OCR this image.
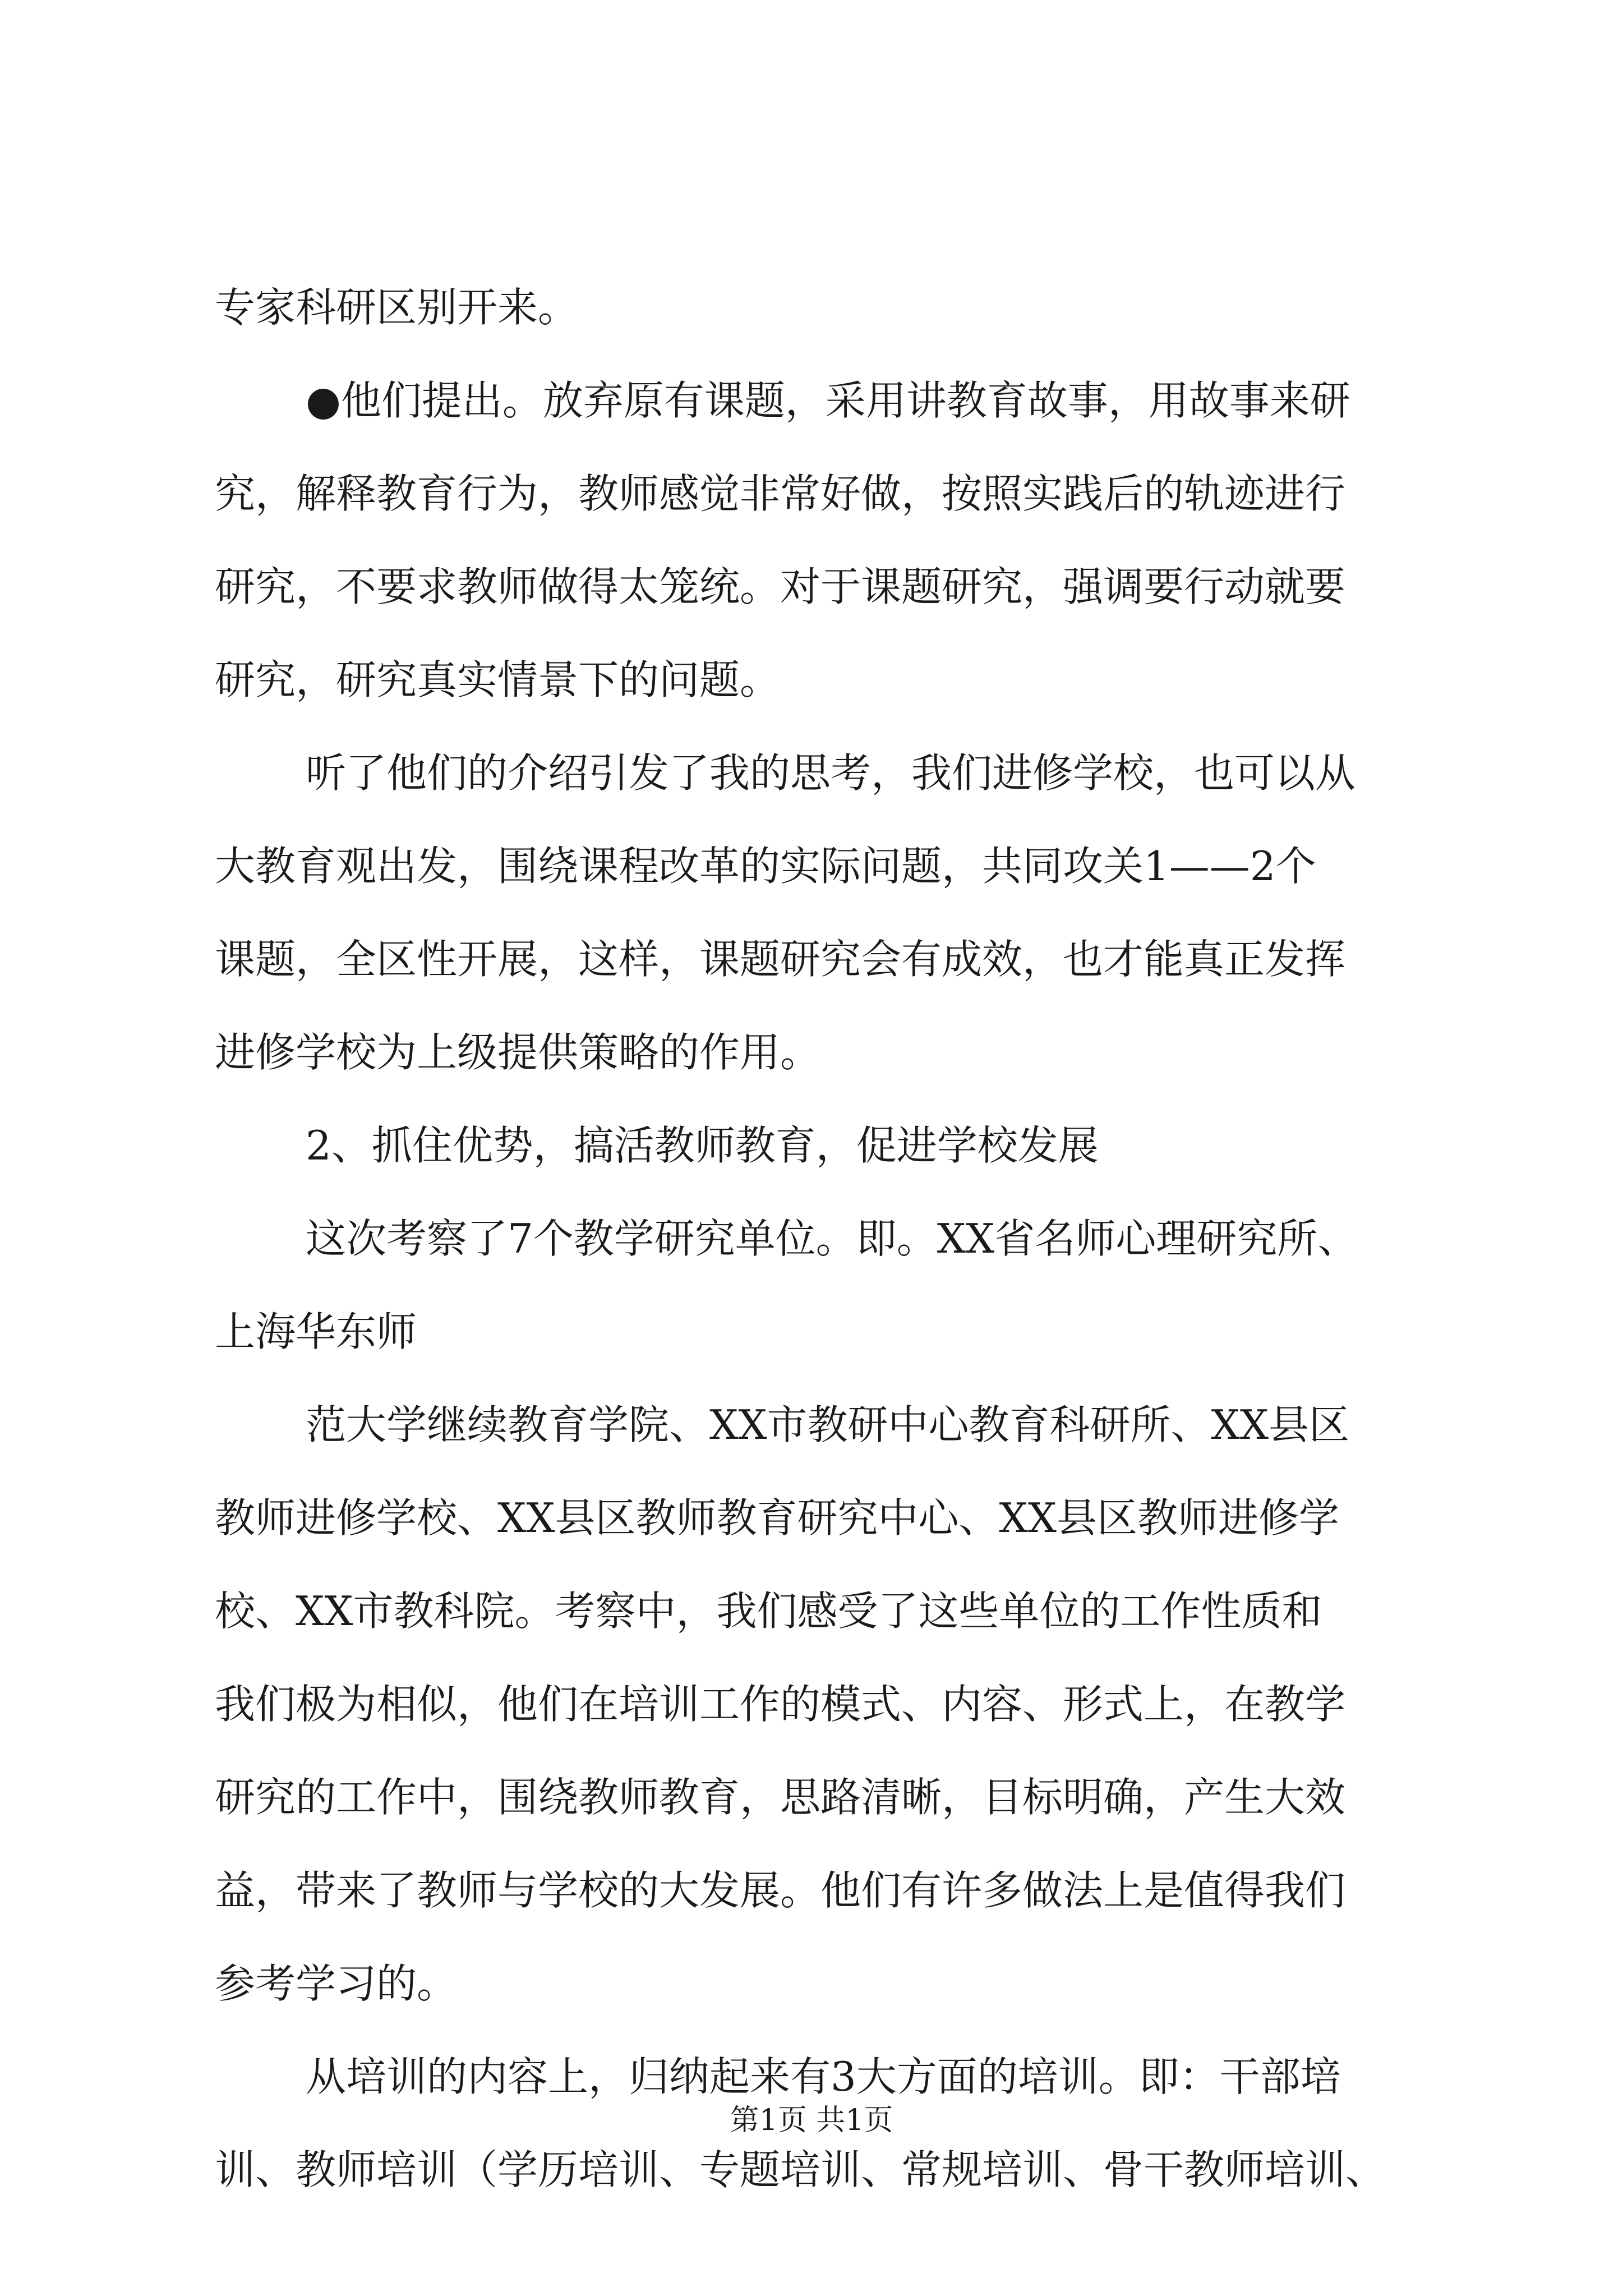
专家科研区别开来。
●他们提出。放弃原有课题，采用讲教育故事，用故事来研
究，解释教育行为，教师感觉非常好做，按照实践后的轨迹进行
研究，不要求教师做得太笼统。对于课题研究，强调要行动就要
研究，研究真实情景下的问题。
听了他们的介绍引发了我的思考，我们进修学校，也可以从
大教育观出发，围绕课程改革的实际问题，共同攻关1——2个
课题，全区性开展，这样，课题研究会有成效，也才能真正发挥
进修学校为上级提供策略的作用。
2、抓住优势，搞活教师教育，促进学校发展
这次考察了7个教学研究单位。即。XX省名师心理研究所、
上海华东师
范大学继续教育学院、XX市教研中心教育科研所、XX县区
教师进修学校、XX县区教师教育研究中心、XX县区教师进修学
校、XX市教科院。考察中，我们感受了这些单位的工作性质和
我们极为相似，他们在培训工作的模式、内容、形式上，在教学
研究的工作中，围绕教师教育，思路清晰，目标明确，产生大效
益，带来了教师与学校的大发展。他们有许多做法上是值得我们
参考学习的。
从培训的内容上，归纳起来有3大方面的培训。即：干部培
训、教师培训（学历培训、专题培训、常规培训、骨干教师培训、
第1页 共1页
